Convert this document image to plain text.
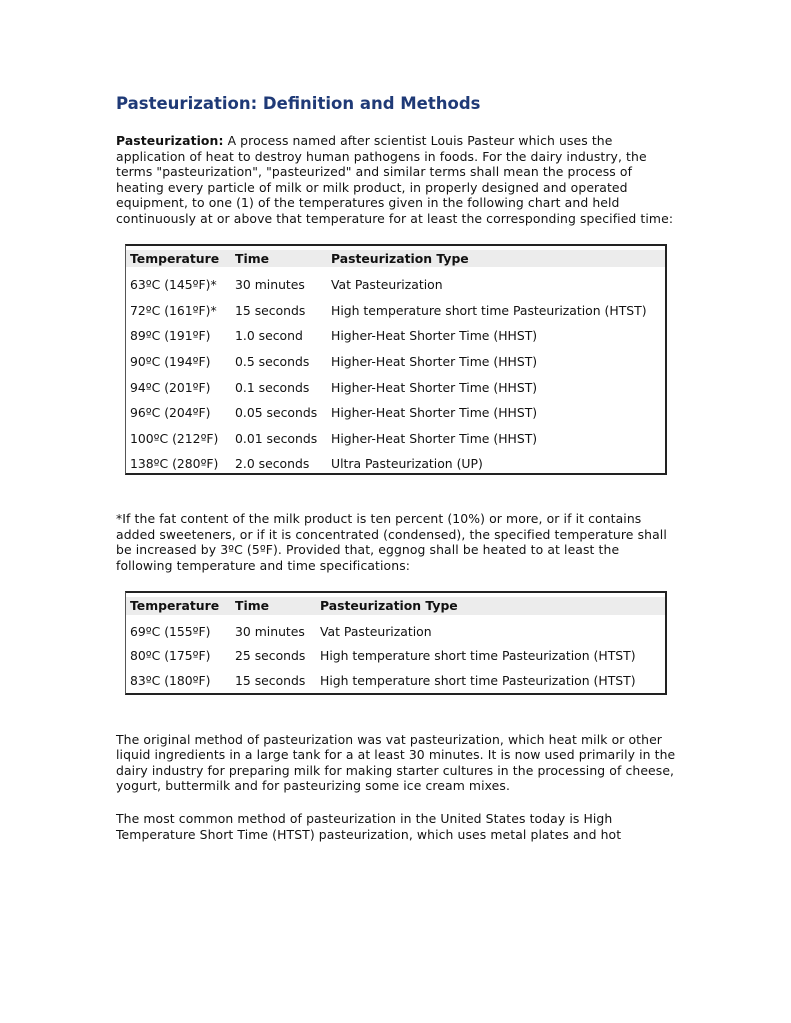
Pasteurization: Definition and Methods

Pasteurization: A process named after scientist Louis Pasteur which uses the application of heat to destroy human pathogens in foods. For the dairy industry, the terms "pasteurization", "pasteurized" and similar terms shall mean the process of heating every particle of milk or milk product, in properly designed and operated equipment, to one (1) of the temperatures given in the following chart and held continuously at or above that temperature for at least the corresponding specified time:

Temperature	Time	Pasteurization Type
63ºC (145ºF)*	30 minutes	Vat Pasteurization
72ºC (161ºF)*	15 seconds	High temperature short time Pasteurization (HTST)
89ºC (191ºF)	1.0 second	Higher-Heat Shorter Time (HHST)
90ºC (194ºF)	0.5 seconds	Higher-Heat Shorter Time (HHST)
94ºC (201ºF)	0.1 seconds	Higher-Heat Shorter Time (HHST)
96ºC (204ºF)	0.05 seconds	Higher-Heat Shorter Time (HHST)
100ºC (212ºF)	0.01 seconds	Higher-Heat Shorter Time (HHST)
138ºC (280ºF)	2.0 seconds	Ultra Pasteurization (UP)

*If the fat content of the milk product is ten percent (10%) or more, or if it contains added sweeteners, or if it is concentrated (condensed), the specified temperature shall be increased by 3ºC (5ºF). Provided that, eggnog shall be heated to at least the following temperature and time specifications:

Temperature	Time	Pasteurization Type
69ºC (155ºF)	30 minutes	Vat Pasteurization
80ºC (175ºF)	25 seconds	High temperature short time Pasteurization (HTST)
83ºC (180ºF)	15 seconds	High temperature short time Pasteurization (HTST)

The original method of pasteurization was vat pasteurization, which heat milk or other liquid ingredients in a large tank for a at least 30 minutes. It is now used primarily in the dairy industry for preparing milk for making starter cultures in the processing of cheese, yogurt, buttermilk and for pasteurizing some ice cream mixes.

The most common method of pasteurization in the United States today is High Temperature Short Time (HTST) pasteurization, which uses metal plates and hot
